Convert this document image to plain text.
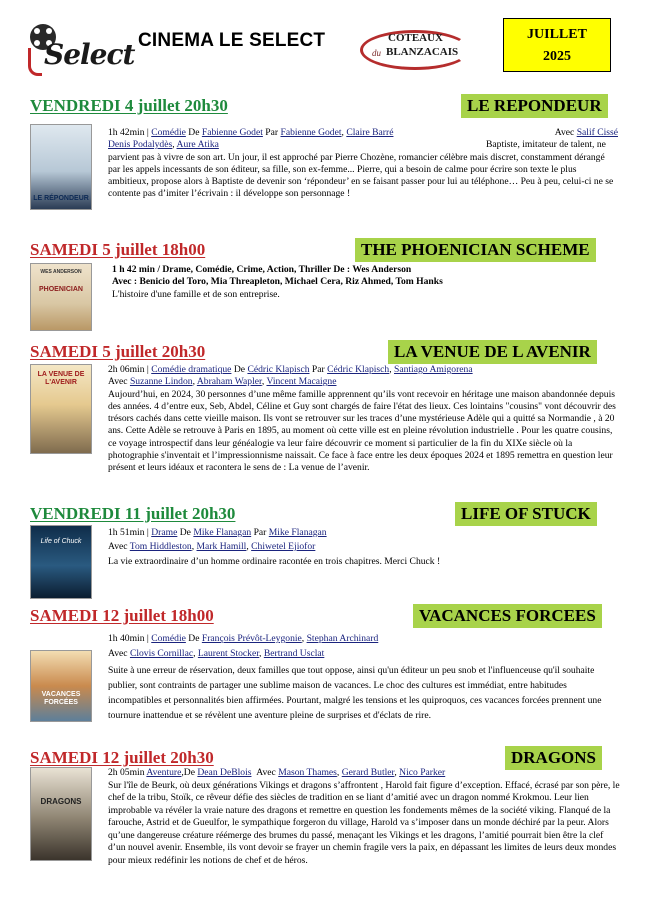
Select CINEMA LE SELECT	COTEAUX
du BLANZACAIS
JUILLET
2025
VENDREDI 4 juillet 20h30	LE REPONDEUR
LE RÉPONDEUR

1h 42min | Comédie De Fabienne Godet Par Fabienne Godet, Claire Barré	Avec Salif Cissé

Denis Podalydès, Aure Atika	Baptiste, imitateur de talent, ne parvient pas à vivre de son art. Un jour, il est approché par Pierre Chozène, romancier célèbre mais discret, constamment dérangé par les appels incessants de son éditeur, sa fille, son ex-femme... Pierre, qui a besoin de calme pour écrire son texte le plus ambitieux, propose alors à Baptiste de devenir son ‘répondeur’ en se faisant passer pour lui au téléphone… Peu à peu, celui-ci ne se contente pas d’imiter l’écrivain : il développe son personnage !

SAMEDI 5 juillet 18h00	THE PHOENICIAN SCHEME
WES ANDERSON
PHOENICIAN

1 h 42 min / Drame, Comédie, Crime, Action, Thriller De : Wes Anderson

Avec : Benicio del Toro, Mia Threapleton, Michael Cera, Riz Ahmed, Tom Hanks

L'histoire d'une famille et de son entreprise.

SAMEDI 5 juillet 20h30	LA VENUE DE L AVENIR
LA VENUE DE L'AVENIR

2h 06min | Comédie dramatique De Cédric Klapisch Par Cédric Klapisch, Santiago Amigorena

Avec Suzanne Lindon, Abraham Wapler, Vincent Macaigne

Aujourd’hui, en 2024, 30 personnes d’une même famille apprennent qu’ils vont recevoir en héritage une maison abandonnée depuis des années. 4 d’entre eux, Seb, Abdel, Céline et Guy sont chargés de faire l'état des lieux. Ces lointains "cousins" vont découvrir des trésors cachés dans cette vieille maison. Ils vont se retrouver sur les traces d’une mystérieuse Adèle qui a quitté sa Normandie , à 20 ans. Cette Adèle se retrouve à Paris en 1895, au moment où cette ville est en pleine révolution industrielle . Pour les quatre cousins, ce voyage introspectif dans leur généalogie va leur faire découvrir ce moment si particulier de la fin du XIXe siècle où la photographie s'inventait et l’impressionnisme naissait. Ce face à face entre les deux époques 2024 et 1895 remettra en question leur présent et leurs idéaux et racontera le sens de : La venue de l’avenir.

VENDREDI 11 juillet 20h30	LIFE OF STUCK
Life of Chuck

1h 51min | Drame De Mike Flanagan Par Mike Flanagan

Avec Tom Hiddleston, Mark Hamill, Chiwetel Ejiofor

La vie extraordinaire d’un homme ordinaire racontée en trois chapitres. Merci Chuck !

SAMEDI 12 juillet 18h00	VACANCES FORCEES
VACANCES FORCÉES

1h 40min | Comédie De François Prévôt-Leygonie, Stephan Archinard

Avec Clovis Cornillac, Laurent Stocker, Bertrand Usclat

Suite à une erreur de réservation, deux familles que tout oppose, ainsi qu'un éditeur un peu snob et l'influenceuse qu'il souhaite publier, sont contraints de partager une sublime maison de vacances. Le choc des cultures est immédiat, entre habitudes incompatibles et personnalités bien affirmées. Pourtant, malgré les tensions et les quiproquos, ces vacances forcées prennent une tournure inattendue et se révèlent une aventure pleine de surprises et d'éclats de rire.

SAMEDI 12 juillet 20h30	DRAGONS
DRAGONS

2h 05min Aventure,De Dean DeBlois Avec Mason Thames, Gerard Butler, Nico Parker

Sur l'île de Beurk, où deux générations Vikings et dragons s’affrontent , Harold fait figure d’exception. Effacé, écrasé par son père, le chef de la tribu, Stoïk, ce rêveur défie des siècles de tradition en se liant d’amitié avec un dragon nommé Krokmou. Leur lien improbable va révéler la vraie nature des dragons et remettre en question les fondements mêmes de la société viking. Flanqué de la farouche, Astrid et de Gueulfor, le sympathique forgeron du village, Harold va s’imposer dans un monde déchiré par la peur. Alors qu’une dangereuse créature réémerge des brumes du passé, menaçant les Vikings et les dragons, l’amitié pourrait bien être la clef d’un nouvel avenir. Ensemble, ils vont devoir se frayer un chemin fragile vers la paix, en dépassant les limites de leurs deux mondes pour mieux redéfinir les notions de chef et de héros.
